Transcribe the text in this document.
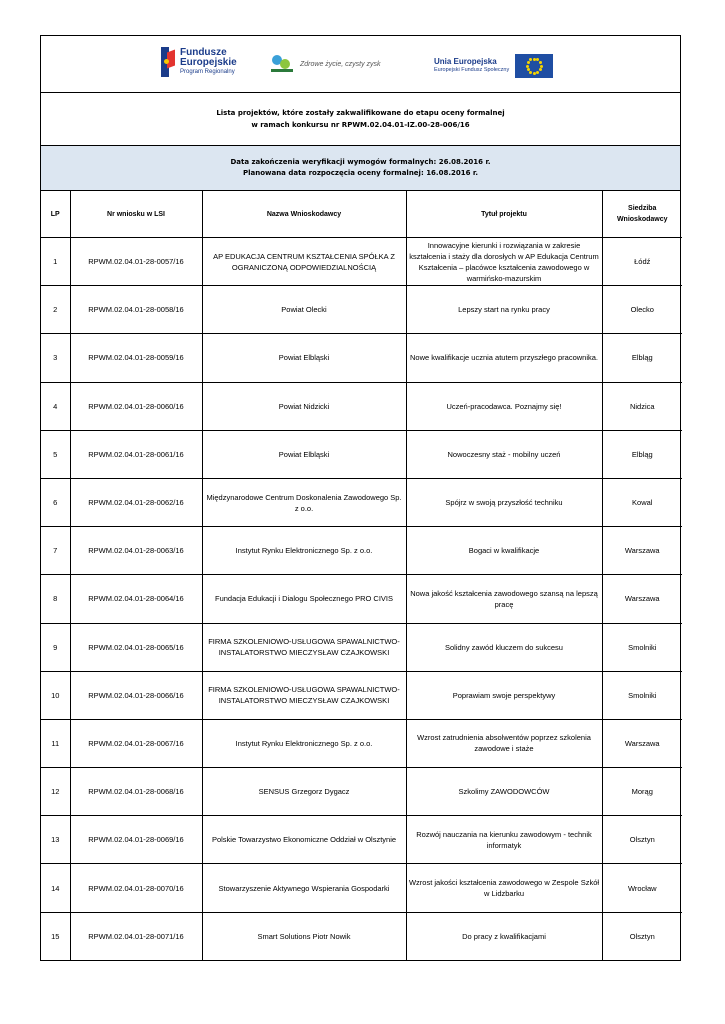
Fundusze
Europejskie
Program Regionalny
Zdrowe życie, czysty zysk	Unia Europejska
Europejski Fundusz Społeczny
Lista projektów, które zostały zakwalifikowane do etapu oceny formalnej
w ramach konkursu nr RPWM.02.04.01-IZ.00-28-006/16
Data zakończenia weryfikacji wymogów formalnych: 26.08.2016 r.
Planowana data rozpoczęcia oceny formalnej: 16.08.2016 r.
LP	Nr wniosku w LSI	Nazwa Wnioskodawcy	Tytuł projektu	Siedziba Wnioskodawcy
1	RPWM.02.04.01-28-0057/16	AP EDUKACJA CENTRUM KSZTAŁCENIA SPÓŁKA Z OGRANICZONĄ ODPOWIEDZIALNOŚCIĄ	Innowacyjne kierunki i rozwiązania w zakresie kształcenia i staży dla dorosłych w AP Edukacja Centrum Kształcenia – placówce kształcenia zawodowego w warmińsko-mazurskim	Łódź
2	RPWM.02.04.01-28-0058/16	Powiat Olecki	Lepszy start na rynku pracy	Olecko
3	RPWM.02.04.01-28-0059/16	Powiat Elbląski	Nowe kwalifikacje ucznia atutem przyszłego pracownika.	Elbląg
4	RPWM.02.04.01-28-0060/16	Powiat Nidzicki	Uczeń-pracodawca. Poznajmy się!	Nidzica
5	RPWM.02.04.01-28-0061/16	Powiat Elbląski	Nowoczesny staż - mobilny uczeń	Elbląg
6	RPWM.02.04.01-28-0062/16	Międzynarodowe Centrum Doskonalenia Zawodowego Sp. z o.o.	Spójrz w swoją przyszłość techniku	Kowal
7	RPWM.02.04.01-28-0063/16	Instytut Rynku Elektronicznego Sp. z o.o.	Bogaci w kwalifikacje	Warszawa
8	RPWM.02.04.01-28-0064/16	Fundacja Edukacji i Dialogu Społecznego PRO CIVIS	Nowa jakość kształcenia zawodowego szansą na lepszą pracę	Warszawa
9	RPWM.02.04.01-28-0065/16	FIRMA SZKOLENIOWO-USŁUGOWA SPAWALNICTWO-INSTALATORSTWO MIECZYSŁAW CZAJKOWSKI	Solidny zawód kluczem do sukcesu	Smolniki
10	RPWM.02.04.01-28-0066/16	FIRMA SZKOLENIOWO-USŁUGOWA SPAWALNICTWO-INSTALATORSTWO MIECZYSŁAW CZAJKOWSKI	Poprawiam swoje perspektywy	Smolniki
11	RPWM.02.04.01-28-0067/16	Instytut Rynku Elektronicznego Sp. z o.o.	Wzrost zatrudnienia absolwentów poprzez szkolenia zawodowe i staże	Warszawa
12	RPWM.02.04.01-28-0068/16	SENSUS Grzegorz Dygacz	Szkolimy ZAWODOWCÓW	Morąg
13	RPWM.02.04.01-28-0069/16	Polskie Towarzystwo Ekonomiczne Oddział w Olsztynie	Rozwój nauczania na kierunku zawodowym - technik informatyk	Olsztyn
14	RPWM.02.04.01-28-0070/16	Stowarzyszenie Aktywnego Wspierania Gospodarki	Wzrost jakości kształcenia zawodowego w Zespole Szkół w Lidzbarku	Wrocław
15	RPWM.02.04.01-28-0071/16	Smart Solutions Piotr Nowik	Do pracy z kwalifikacjami	Olsztyn
